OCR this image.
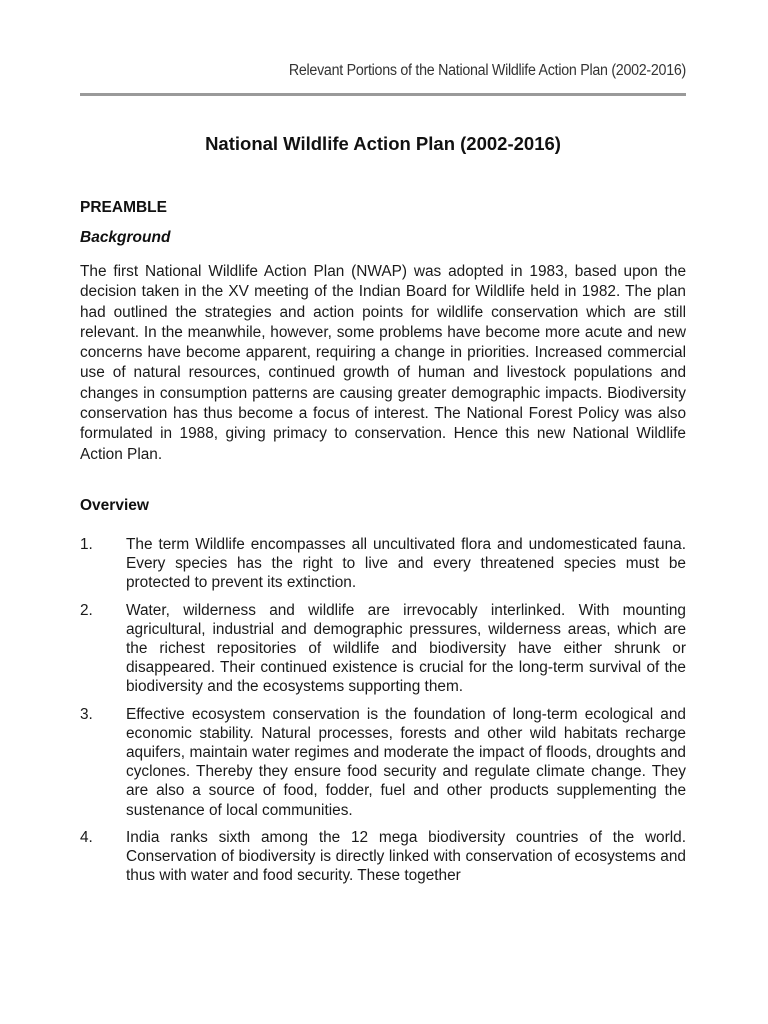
Relevant Portions of the National Wildlife Action Plan (2002-2016)
National Wildlife Action Plan (2002-2016)
PREAMBLE
Background

The first National Wildlife Action Plan (NWAP) was adopted in 1983, based upon the decision taken in the XV meeting of the Indian Board for Wildlife held in 1982. The plan had outlined the strategies and action points for wildlife conservation which are still relevant. In the meanwhile, however, some problems have become more acute and new concerns have become apparent, requiring a change in priorities. Increased commercial use of natural resources, continued growth of human and livestock populations and changes in consumption patterns are causing greater demographic impacts. Biodiversity conservation has thus become a focus of interest. The National Forest Policy was also formulated in 1988, giving primacy to conservation. Hence this new National Wildlife Action Plan.

Overview
1.	The term Wildlife encompasses all uncultivated flora and undomesticated fauna. Every species has the right to live and every threatened species must be protected to prevent its extinction.
2.	Water, wilderness and wildlife are irrevocably interlinked. With mounting agricultural, industrial and demographic pressures, wilderness areas, which are the richest repositories of wildlife and biodiversity have either shrunk or disappeared. Their continued existence is crucial for the long-term survival of the biodiversity and the ecosystems supporting them.
3.	Effective ecosystem conservation is the foundation of long-term ecological and economic stability. Natural processes, forests and other wild habitats recharge aquifers, maintain water regimes and moderate the impact of floods, droughts and cyclones. Thereby they ensure food security and regulate climate change. They are also a source of food, fodder, fuel and other products supplementing the sustenance of local communities.
4.	India ranks sixth among the 12 mega biodiversity countries of the world. Conservation of biodiversity is directly linked with conservation of ecosystems and thus with water and food security. These together
